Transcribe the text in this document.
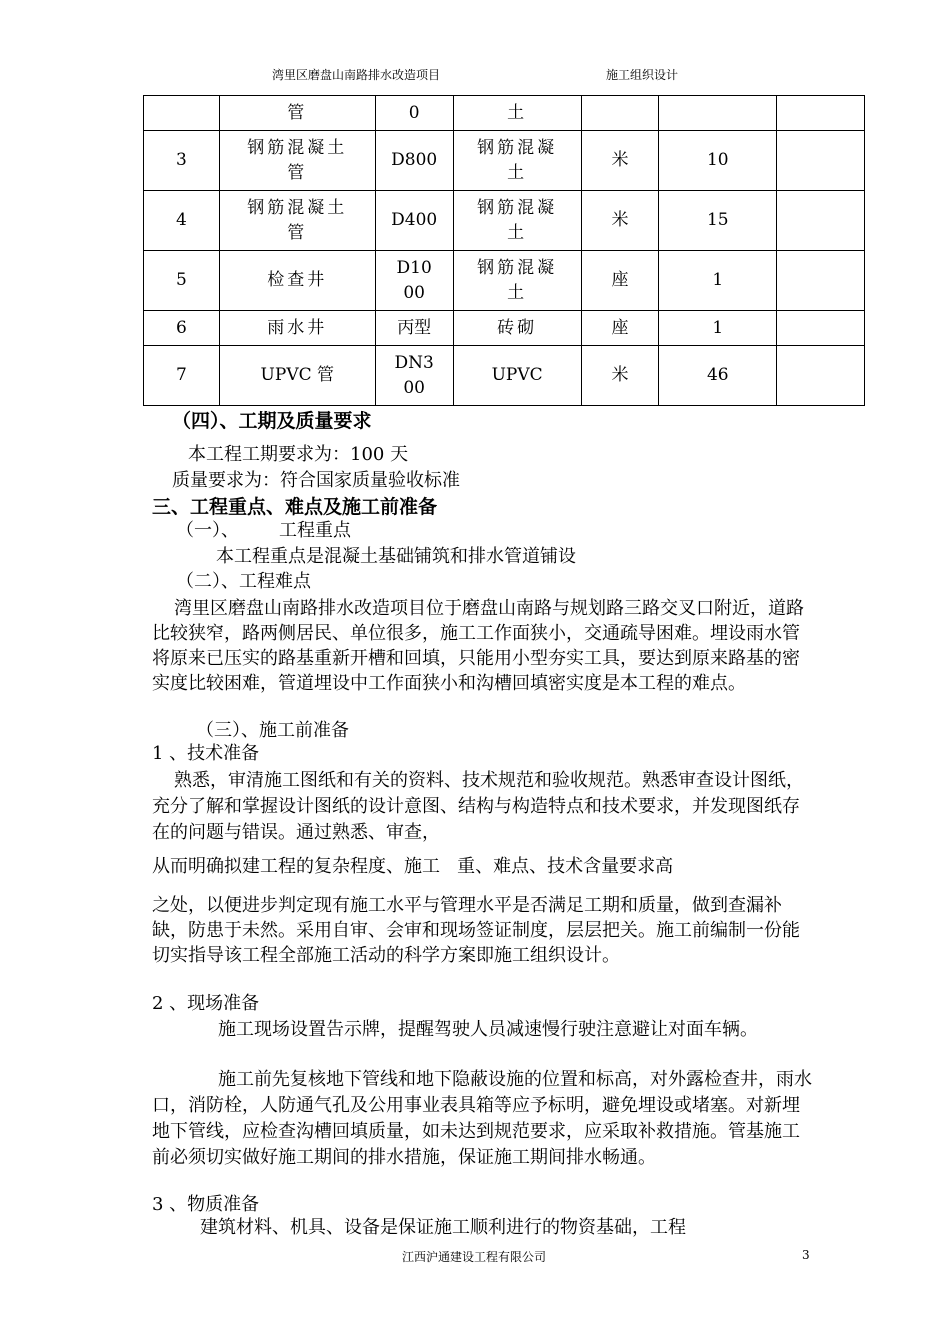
湾里区磨盘山南路排水改造项目	施工组织设计
	管	0	土			
3	钢筋混凝土管	D800	钢筋混凝土	米	10	
4	钢筋混凝土管	D400	钢筋混凝土	米	15	
5	检查井	D1000	钢筋混凝土	座	1	
6	雨水井	丙型	砖砌	座	1	
7	UPVC 管	DN300	UPVC	米	46	
（四）、工期及质量要求
本工程工期要求为：100 天
质量要求为：符合国家质量验收标准
三、工程重点、难点及施工前准备
（一）、       工程重点
本工程重点是混凝土基础铺筑和排水管道铺设
（二）、工程难点
湾里区磨盘山南路排水改造项目位于磨盘山南路与规划路三路交叉口附近，道路比较狭窄，路两侧居民、单位很多，施工工作面狭小，交通疏导困难。埋设雨水管将原来已压实的路基重新开槽和回填，只能用小型夯实工具，要达到原来路基的密实度比较困难，管道埋设中工作面狭小和沟槽回填密实度是本工程的难点。
（三）、施工前准备
1 、技术准备
熟悉，审清施工图纸和有关的资料、技术规范和验收规范。熟悉审查设计图纸，充分了解和掌握设计图纸的设计意图、结构与构造特点和技术要求，并发现图纸存在的问题与错误。通过熟悉、审查，
从而明确拟建工程的复杂程度、施工   重、难点、技术含量要求高
之处，以便进步判定现有施工水平与管理水平是否满足工期和质量，做到查漏补缺，防患于未然。采用自审、会审和现场签证制度，层层把关。施工前编制一份能切实指导该工程全部施工活动的科学方案即施工组织设计。
2 、现场准备
施工现场设置告示牌，提醒驾驶人员减速慢行驶注意避让对面车辆。
施工前先复核地下管线和地下隐蔽设施的位置和标高，对外露检查井，雨水口，消防栓，人防通气孔及公用事业表具箱等应予标明，避免埋设或堵塞。对新埋地下管线，应检查沟槽回填质量，如未达到规范要求，应采取补救措施。管基施工前必须切实做好施工期间的排水措施，保证施工期间排水畅通。
3 、物质准备
建筑材料、机具、设备是保证施工顺利进行的物资基础，工程
江西沪通建设工程有限公司	3
